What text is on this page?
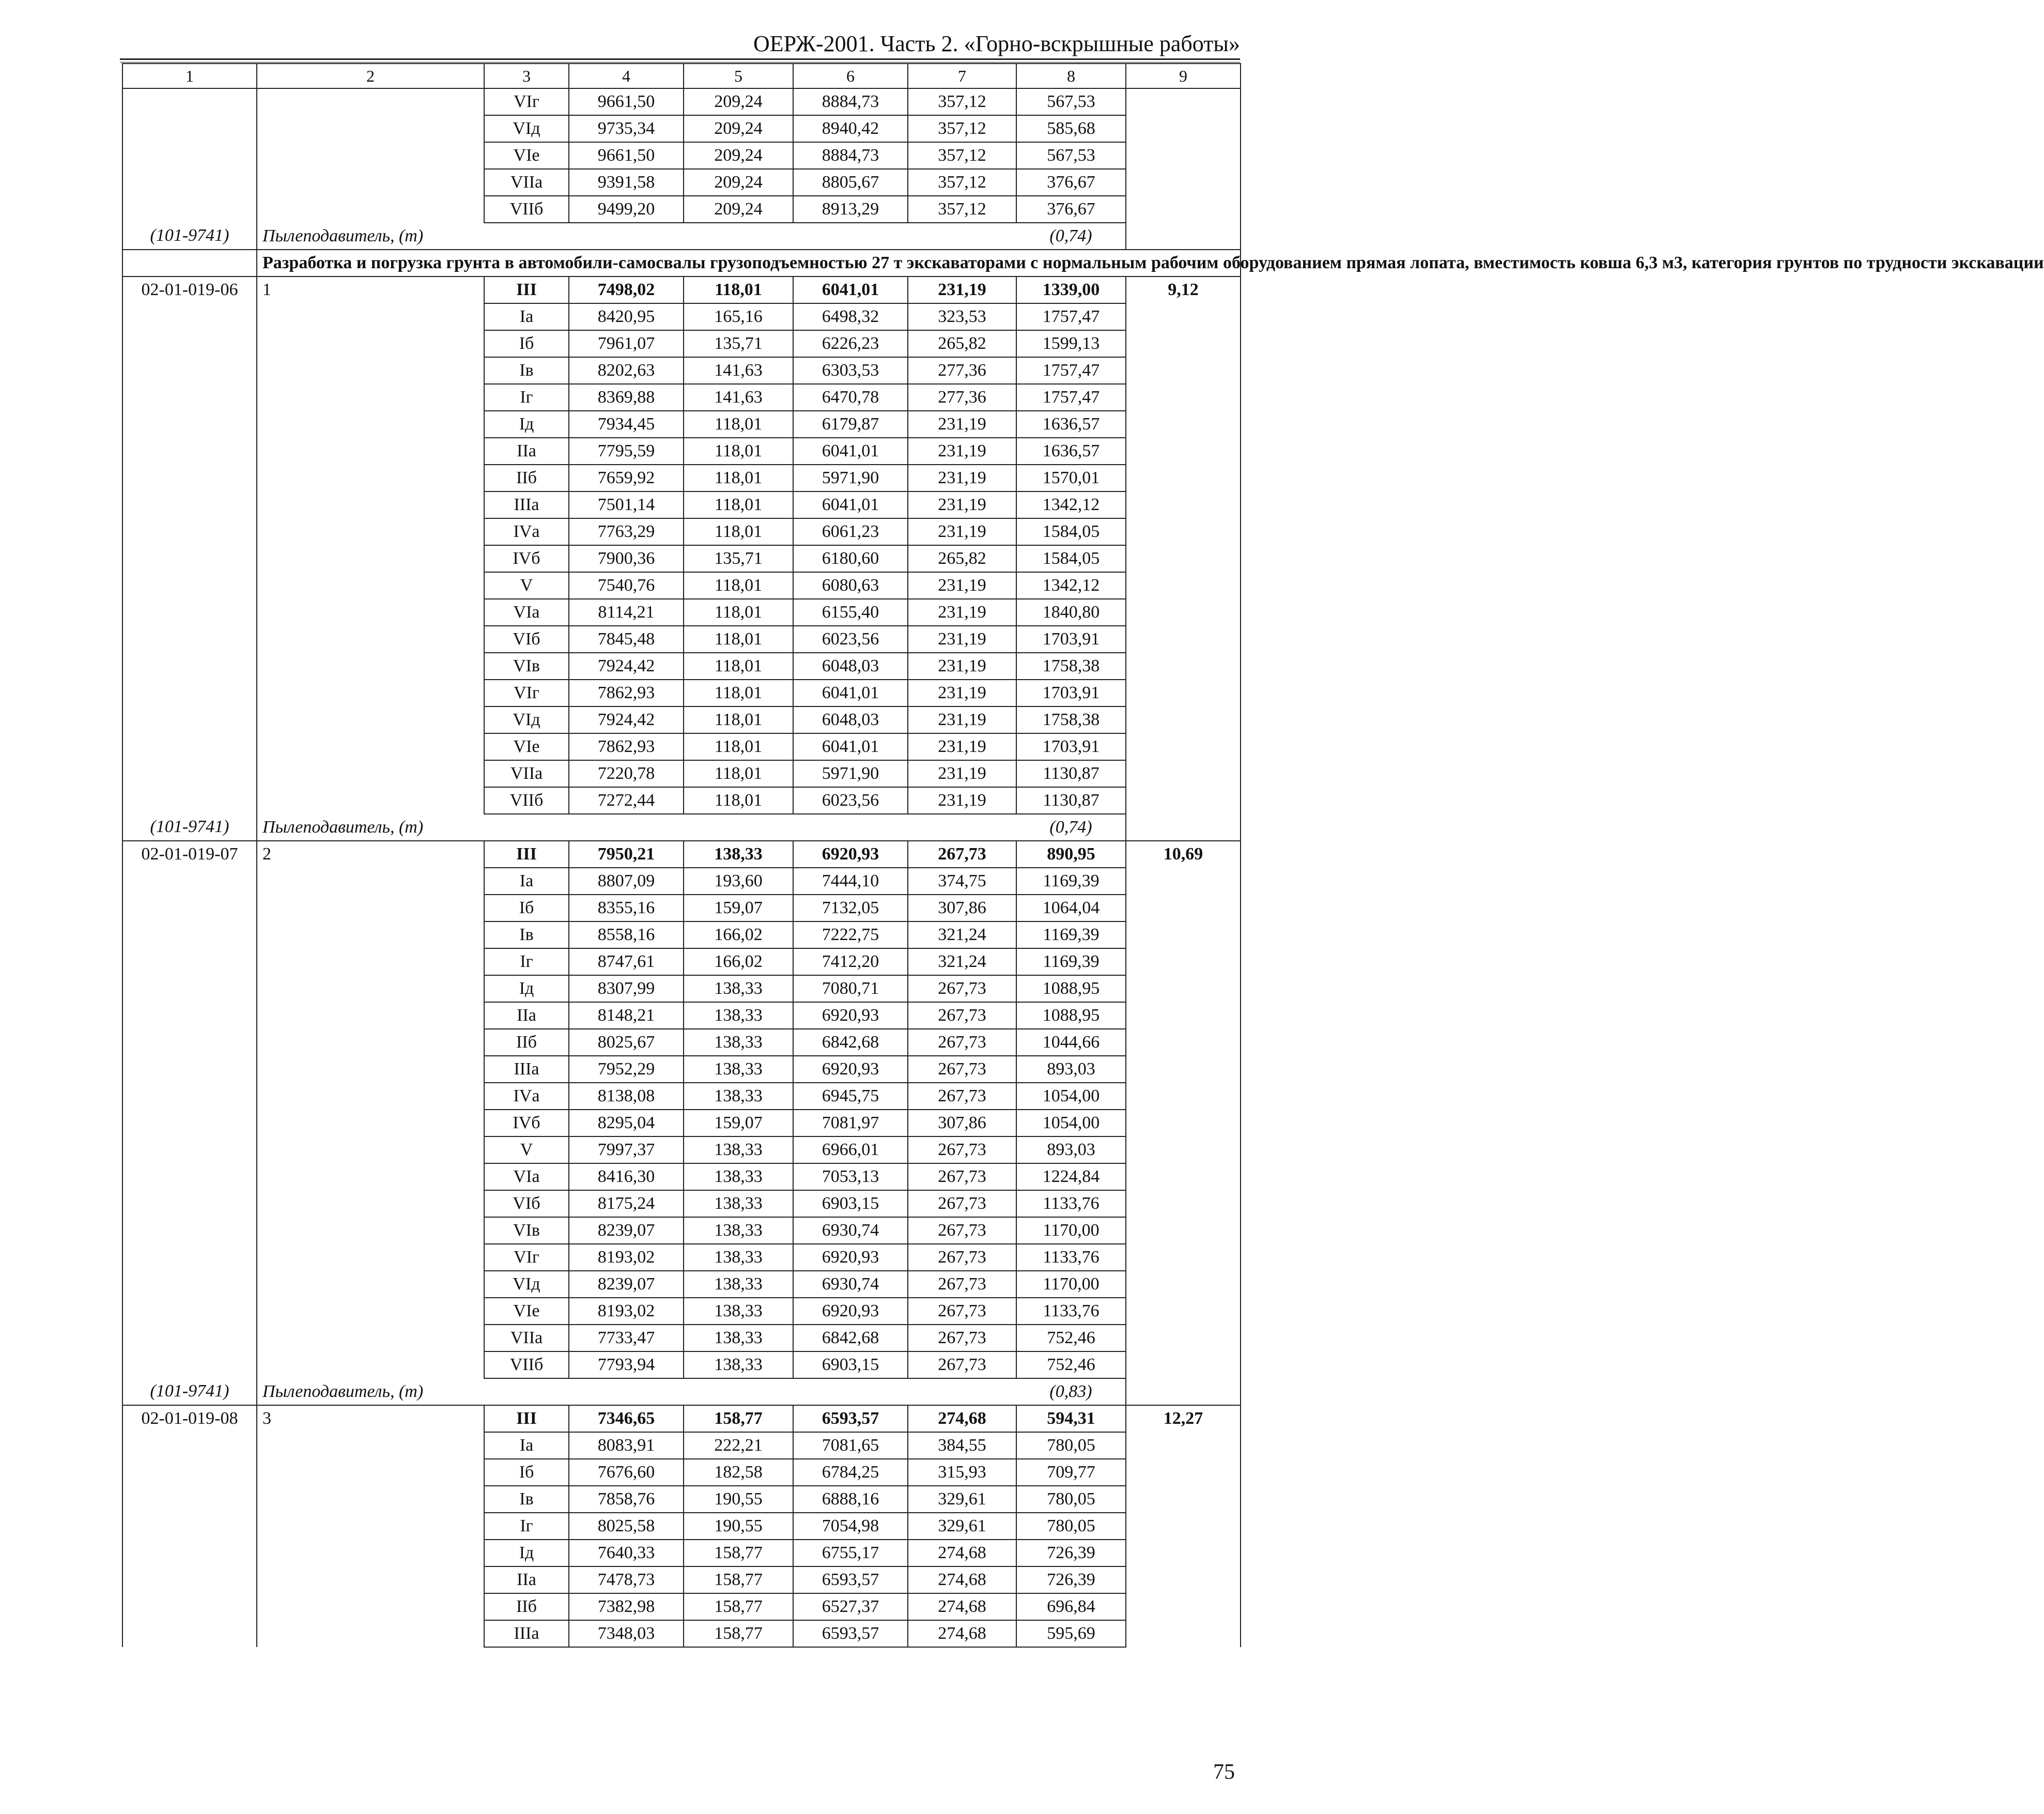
ОЕРЖ-2001. Часть 2. «Горно-вскрышные работы»
1	2	3	4	5	6	7	8	9
		VIг	9661,50	209,24	8884,73	357,12	567,53	
		VIд	9735,34	209,24	8940,42	357,12	585,68	
		VIе	9661,50	209,24	8884,73	357,12	567,53	
		VIIа	9391,58	209,24	8805,67	357,12	376,67	
		VIIб	9499,20	209,24	8913,29	357,12	376,67	
(101-9741)	Пылеподавитель, (т)						(0,74)	
	Разработка и погрузка грунта в автомобили-самосвалы грузоподъемностью 27 т экскаваторами с нормальным рабочим оборудованием прямая лопата, вместимость ковша 6,3 м3, категория грунтов по трудности экскавации							
02-01-019-06	1	III	7498,02	118,01	6041,01	231,19	1339,00	9,12
		Iа	8420,95	165,16	6498,32	323,53	1757,47	
		Iб	7961,07	135,71	6226,23	265,82	1599,13	
		Iв	8202,63	141,63	6303,53	277,36	1757,47	
		Iг	8369,88	141,63	6470,78	277,36	1757,47	
		Iд	7934,45	118,01	6179,87	231,19	1636,57	
		IIа	7795,59	118,01	6041,01	231,19	1636,57	
		IIб	7659,92	118,01	5971,90	231,19	1570,01	
		IIIа	7501,14	118,01	6041,01	231,19	1342,12	
		IVа	7763,29	118,01	6061,23	231,19	1584,05	
		IVб	7900,36	135,71	6180,60	265,82	1584,05	
		V	7540,76	118,01	6080,63	231,19	1342,12	
		VIа	8114,21	118,01	6155,40	231,19	1840,80	
		VIб	7845,48	118,01	6023,56	231,19	1703,91	
		VIв	7924,42	118,01	6048,03	231,19	1758,38	
		VIг	7862,93	118,01	6041,01	231,19	1703,91	
		VIд	7924,42	118,01	6048,03	231,19	1758,38	
		VIе	7862,93	118,01	6041,01	231,19	1703,91	
		VIIа	7220,78	118,01	5971,90	231,19	1130,87	
		VIIб	7272,44	118,01	6023,56	231,19	1130,87	
(101-9741)	Пылеподавитель, (т)						(0,74)	
02-01-019-07	2	III	7950,21	138,33	6920,93	267,73	890,95	10,69
		Iа	8807,09	193,60	7444,10	374,75	1169,39	
		Iб	8355,16	159,07	7132,05	307,86	1064,04	
		Iв	8558,16	166,02	7222,75	321,24	1169,39	
		Iг	8747,61	166,02	7412,20	321,24	1169,39	
		Iд	8307,99	138,33	7080,71	267,73	1088,95	
		IIа	8148,21	138,33	6920,93	267,73	1088,95	
		IIб	8025,67	138,33	6842,68	267,73	1044,66	
		IIIа	7952,29	138,33	6920,93	267,73	893,03	
		IVа	8138,08	138,33	6945,75	267,73	1054,00	
		IVб	8295,04	159,07	7081,97	307,86	1054,00	
		V	7997,37	138,33	6966,01	267,73	893,03	
		VIа	8416,30	138,33	7053,13	267,73	1224,84	
		VIб	8175,24	138,33	6903,15	267,73	1133,76	
		VIв	8239,07	138,33	6930,74	267,73	1170,00	
		VIг	8193,02	138,33	6920,93	267,73	1133,76	
		VIд	8239,07	138,33	6930,74	267,73	1170,00	
		VIе	8193,02	138,33	6920,93	267,73	1133,76	
		VIIа	7733,47	138,33	6842,68	267,73	752,46	
		VIIб	7793,94	138,33	6903,15	267,73	752,46	
(101-9741)	Пылеподавитель, (т)						(0,83)	
02-01-019-08	3	III	7346,65	158,77	6593,57	274,68	594,31	12,27
		Iа	8083,91	222,21	7081,65	384,55	780,05	
		Iб	7676,60	182,58	6784,25	315,93	709,77	
		Iв	7858,76	190,55	6888,16	329,61	780,05	
		Iг	8025,58	190,55	7054,98	329,61	780,05	
		Iд	7640,33	158,77	6755,17	274,68	726,39	
		IIа	7478,73	158,77	6593,57	274,68	726,39	
		IIб	7382,98	158,77	6527,37	274,68	696,84	
		IIIа	7348,03	158,77	6593,57	274,68	595,69	
75
